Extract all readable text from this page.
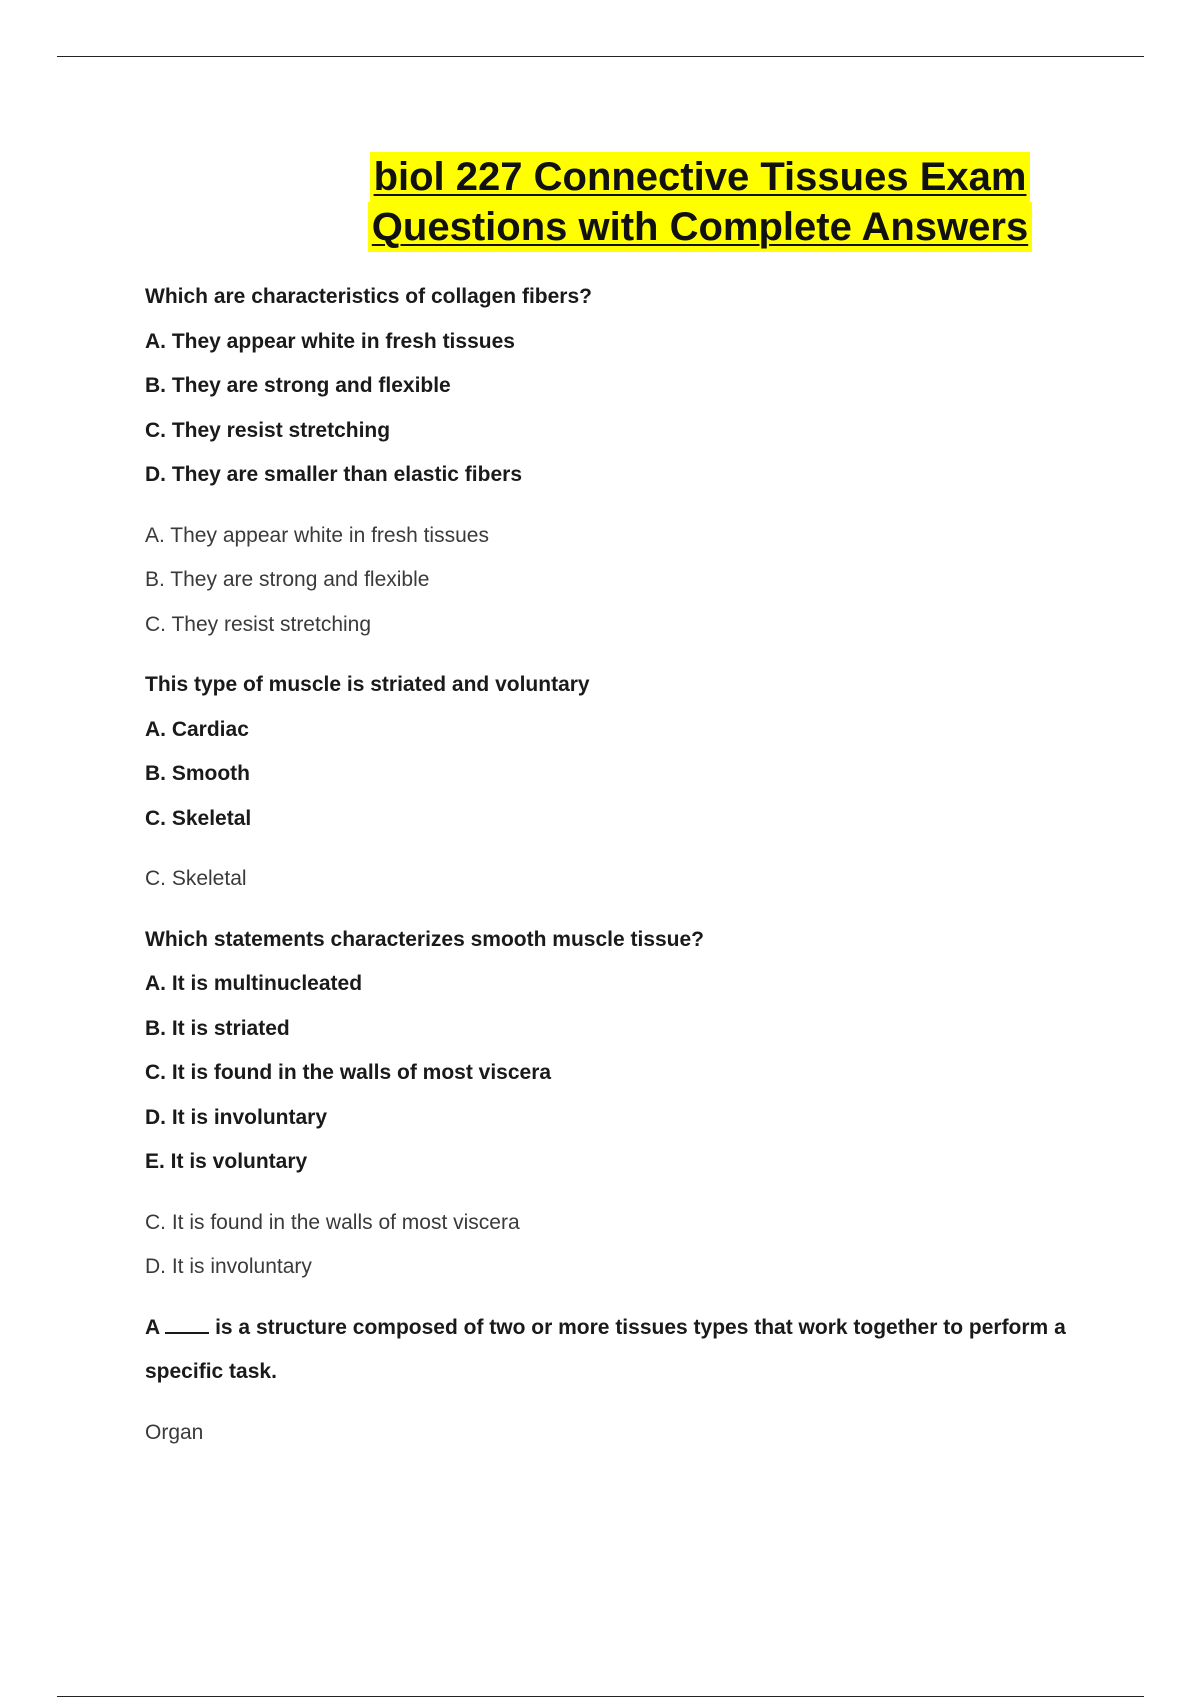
biol 227 Connective Tissues Exam
Questions with Complete Answers

Which are characteristics of collagen fibers?

A. They appear white in fresh tissues

B. They are strong and flexible

C. They resist stretching

D. They are smaller than elastic fibers

A. They appear white in fresh tissues

B. They are strong and flexible

C. They resist stretching

This type of muscle is striated and voluntary

A. Cardiac

B. Smooth

C. Skeletal

C. Skeletal

Which statements characterizes smooth muscle tissue?

A. It is multinucleated

B. It is striated

C. It is found in the walls of most viscera

D. It is involuntary

E. It is voluntary

C. It is found in the walls of most viscera

D. It is involuntary

A	is a structure composed of two or more tissues types that work together to perform a specific task.

Organ
